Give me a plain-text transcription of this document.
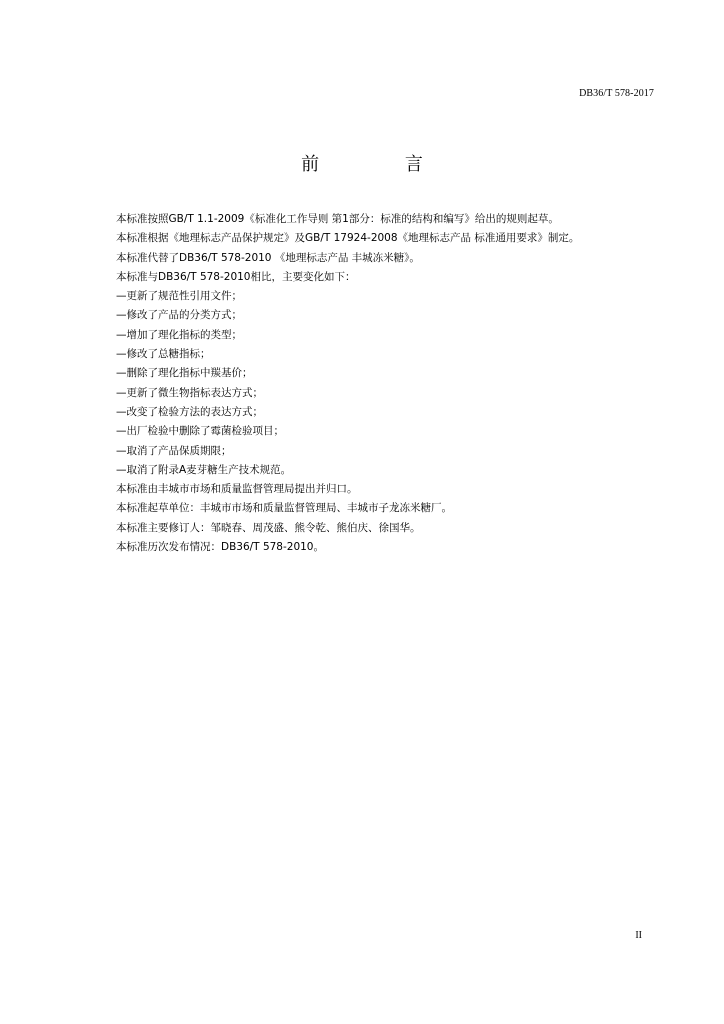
DB36/T 578-2017
前 言
本标准按照GB/T 1.1-2009《标准化工作导则 第1部分：标准的结构和编写》给出的规则起草。
本标准根据《地理标志产品保护规定》及GB/T 17924-2008《地理标志产品 标准通用要求》制定。
本标准代替了DB36/T 578-2010 《地理标志产品 丰城冻米糖》。
本标准与DB36/T 578-2010相比，主要变化如下：
—更新了规范性引用文件；
—修改了产品的分类方式；
—增加了理化指标的类型；
—修改了总糖指标；
—删除了理化指标中羰基价；
—更新了微生物指标表达方式；
—改变了检验方法的表达方式；
—出厂检验中删除了霉菌检验项目；
—取消了产品保质期限；
—取消了附录A麦芽糖生产技术规范。
本标准由丰城市市场和质量监督管理局提出并归口。
本标准起草单位：丰城市市场和质量监督管理局、丰城市子龙冻米糖厂。
本标准主要修订人：邹晓春、周茂盛、熊令乾、熊伯庆、徐国华。
本标准历次发布情况：DB36/T 578-2010。
II
